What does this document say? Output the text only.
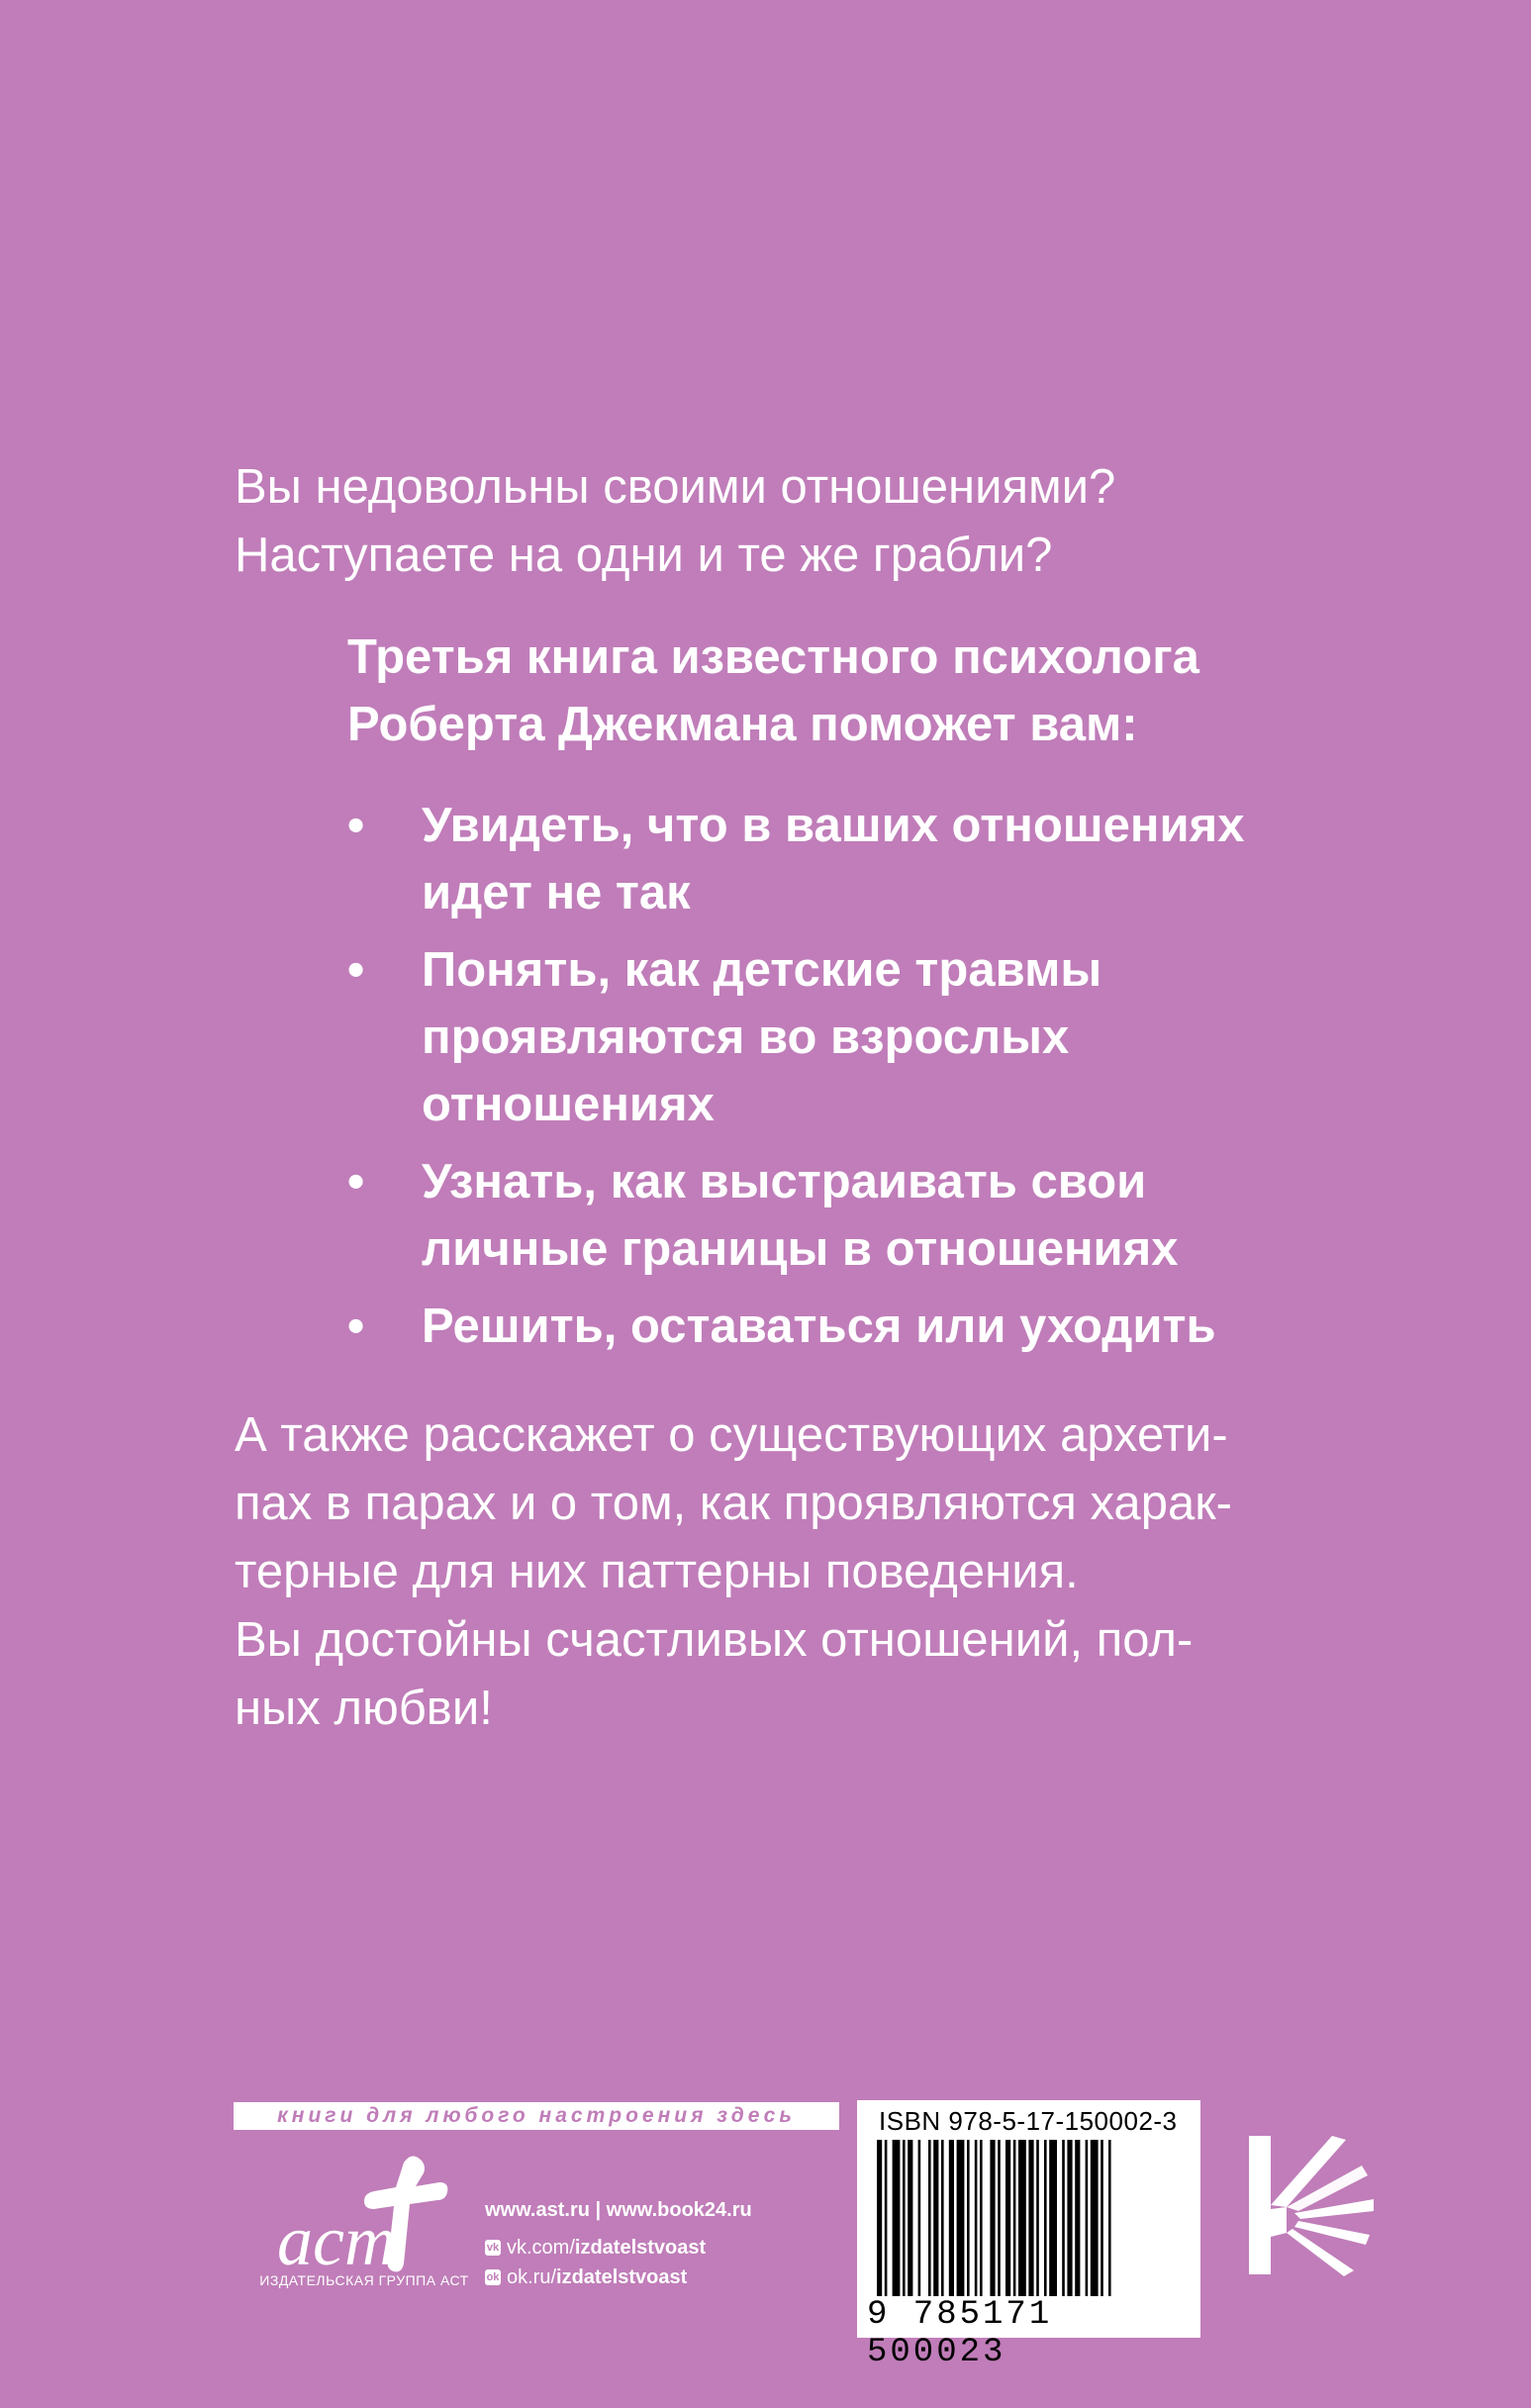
Вы недовольны своими отношениями?

Наступаете на одни и те же грабли?

Третья книга известного психолога

Роберта Джекмана поможет вам:

• Увидеть, что в ваших отношениях
идет не так
• Понять, как детские травмы
проявляются во взрослых
отношениях
• Узнать, как выстраивать свои
личные границы в отношениях
• Решить, оставаться или уходить

А также расскажет о существующих архети-

пах в парах и о том, как проявляются харак-

терные для них паттерны поведения.

Вы достойны счастливых отношений, пол-

ных любви!

книги для любого настроения здесь
аст
ИЗДАТЕЛЬСКАЯ ГРУППА АСТ
www.ast.ru | www.book24.ru
vk vk.com/izdatelstvoast
ok ok.ru/izdatelstvoast
ISBN 978-5-17-150002-3
9 785171 500023
